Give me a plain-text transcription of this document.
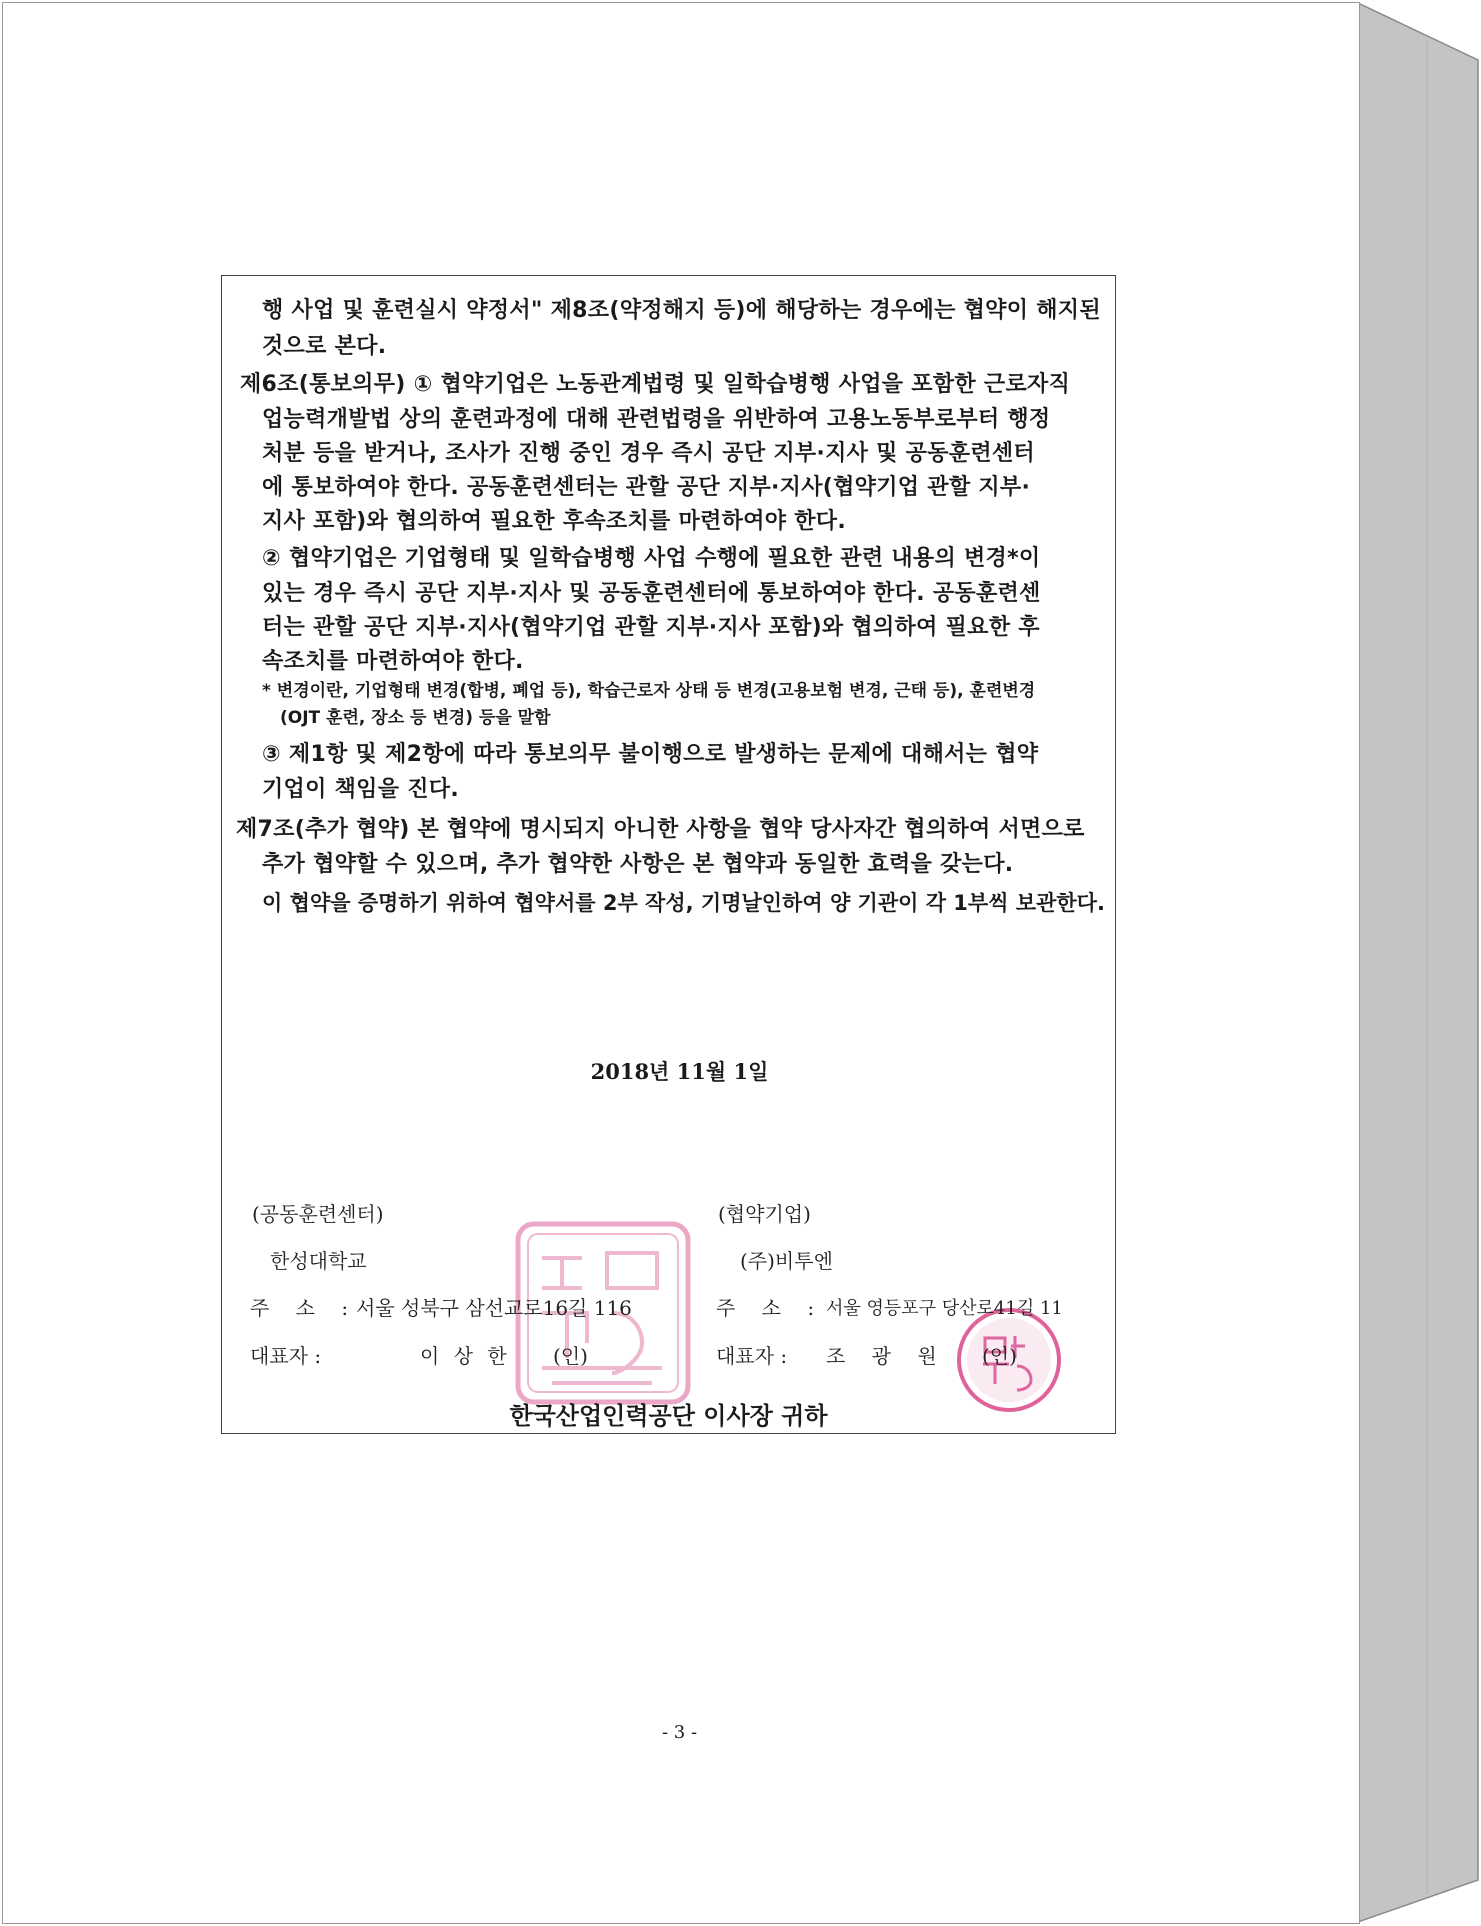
행 사업 및 훈련실시 약정서" 제8조(약정해지 등)에 해당하는 경우에는 협약이 해지된
것으로 본다.
제6조(통보의무) ① 협약기업은 노동관계법령 및 일학습병행 사업을 포함한 근로자직
업능력개발법 상의 훈련과정에 대해 관련법령을 위반하여 고용노동부로부터 행정
처분 등을 받거나, 조사가 진행 중인 경우 즉시 공단 지부·지사 및 공동훈련센터
에 통보하여야 한다. 공동훈련센터는 관할 공단 지부·지사(협약기업 관할 지부·
지사 포함)와 협의하여 필요한 후속조치를 마련하여야 한다.
② 협약기업은 기업형태 및 일학습병행 사업 수행에 필요한 관련 내용의 변경*이
있는 경우 즉시 공단 지부·지사 및 공동훈련센터에 통보하여야 한다. 공동훈련센
터는 관할 공단 지부·지사(협약기업 관할 지부·지사 포함)와 협의하여 필요한 후
속조치를 마련하여야 한다.
* 변경이란, 기업형태 변경(합병, 폐업 등), 학습근로자 상태 등 변경(고용보험 변경, 근태 등), 훈련변경
(OJT 훈련, 장소 등 변경) 등을 말함
③ 제1항 및 제2항에 따라 통보의무 불이행으로 발생하는 문제에 대해서는 협약
기업이 책임을 진다.
제7조(추가 협약) 본 협약에 명시되지 아니한 사항을 협약 당사자간 협의하여 서면으로
추가 협약할 수 있으며, 추가 협약한 사항은 본 협약과 동일한 효력을 갖는다.
이 협약을 증명하기 위하여 협약서를 2부 작성, 기명날인하여 양 기관이 각 1부씩 보관한다.
2018년 11월 1일
(공동훈련센터)
한성대학교
주 소 :
서울 성북구 삼선교로16길 116
대표자 :	이 상 한 (인)
(협약기업)
(주)비투엔
주 소 : 서울 영등포구 당산로41길 11
대표자 : 조 광 원 (인)
한국산업인력공단 이사장 귀하
- 3 -
